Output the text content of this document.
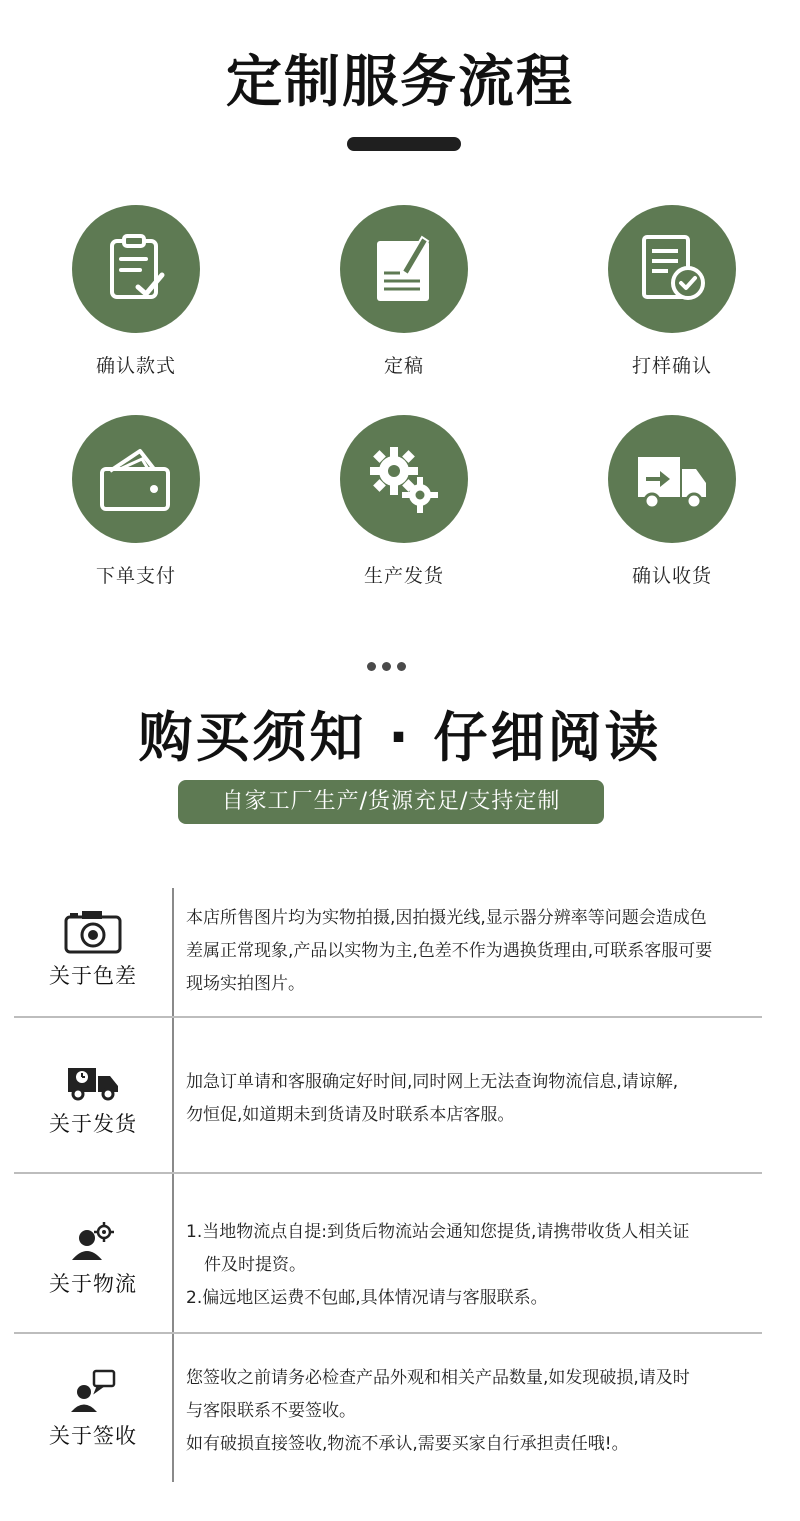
定制服务流程
确认款式	定稿	打样确认
下单支付	生产发货	确认收货
购买须知 · 仔细阅读
自家工厂生产/货源充足/支持定制
关于色差
本店所售图片均为实物拍摄,因拍摄光线,显示器分辨率等问题会造成色
差属正常现象,产品以实物为主,色差不作为遇换货理由,可联系客服可要
现场实拍图片。
关于发货
加急订单请和客服确定好时间,同时网上无法查询物流信息,请谅解,
勿恒促,如道期未到货请及时联系本店客服。
关于物流
1.当地物流点自提:到货后物流站会通知您提货,请携带收货人相关证
件及时提资。
2.偏远地区运费不包邮,具体情况请与客服联系。
关于签收
您签收之前请务必检查产品外观和相关产品数量,如发现破损,请及时
与客限联系不要签收。
如有破损直接签收,物流不承认,需要买家自行承担责任哦!。
